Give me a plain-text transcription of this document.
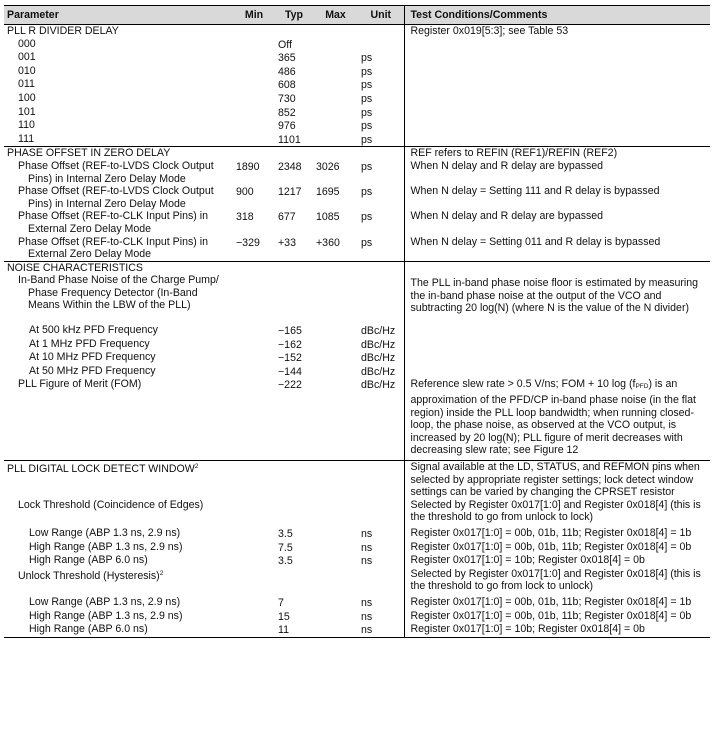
Parameter	Min	Typ	Max	Unit	Test Conditions/Comments
PLL R DIVIDER DELAY					Register 0x019[5:3]; see Table 53
000		Off			
001		365		ps	
010		486		ps	
011		608		ps	
100		730		ps	
101		852		ps	
110		976		ps	
111		1101		ps	
PHASE OFFSET IN ZERO DELAY					REF refers to REFIN (REF1)/REFIN (REF2)

Phase Offset (REF-to-LVDS Clock Output Pins) in Internal Zero Delay Mode	1890	2348	3026	ps	When N delay and R delay are bypassed

Phase Offset (REF-to-LVDS Clock Output Pins) in Internal Zero Delay Mode	900	1217	1695	ps	When N delay = Setting 111 and R delay is bypassed

Phase Offset (REF-to-CLK Input Pins) in External Zero Delay Mode	318	677	1085	ps	When N delay and R delay are bypassed

Phase Offset (REF-to-CLK Input Pins) in External Zero Delay Mode	−329	+33	+360	ps	When N delay = Setting 011 and R delay is bypassed
NOISE CHARACTERISTICS					

In-Band Phase Noise of the Charge Pump/ Phase Frequency Detector (In-Band Means Within the LBW of the PLL)					The PLL in-band phase noise floor is estimated by measuring the in-band phase noise at the output of the VCO and subtracting 20 log(N) (where N is the value of the N divider)
At 500 kHz PFD Frequency		−165		dBc/Hz	
At 1 MHz PFD Frequency		−162		dBc/Hz	
At 10 MHz PFD Frequency		−152		dBc/Hz	
At 50 MHz PFD Frequency		−144		dBc/Hz	

PLL Figure of Merit (FOM)		−222		dBc/Hz	Reference slew rate > 0.5 V/ns; FOM + 10 log (fPFD) is an approximation of the PFD/CP in-band phase noise (in the flat region) inside the PLL loop bandwidth; when running closed-loop, the phase noise, as observed at the VCO output, is increased by 20 log(N); PLL figure of merit decreases with decreasing slew rate; see Figure 12
PLL DIGITAL LOCK DETECT WINDOW$^2$					Signal available at the LD, STATUS, and REFMON pins when selected by appropriate register settings; lock detect window settings can be varied by changing the CPRSET resistor

Lock Threshold (Coincidence of Edges)					Selected by Register 0x017[1:0] and Register 0x018[4] (this is the threshold to go from unlock to lock)
Low Range (ABP 1.3 ns, 2.9 ns)		3.5		ns	Register 0x017[1:0] = 00b, 01b, 11b; Register 0x018[4] = 1b
High Range (ABP 1.3 ns, 2.9 ns)		7.5		ns	Register 0x017[1:0] = 00b, 01b, 11b; Register 0x018[4] = 0b
High Range (ABP 6.0 ns)		3.5		ns	Register 0x017[1:0] = 10b; Register 0x018[4] = 0b

Unlock Threshold (Hysteresis)$^2$					Selected by Register 0x017[1:0] and Register 0x018[4] (this is the threshold to go from lock to unlock)
Low Range (ABP 1.3 ns, 2.9 ns)		7		ns	Register 0x017[1:0] = 00b, 01b, 11b; Register 0x018[4] = 1b
High Range (ABP 1.3 ns, 2.9 ns)		15		ns	Register 0x017[1:0] = 00b, 01b, 11b; Register 0x018[4] = 0b
High Range (ABP 6.0 ns)		11		ns	Register 0x017[1:0] = 10b; Register 0x018[4] = 0b
